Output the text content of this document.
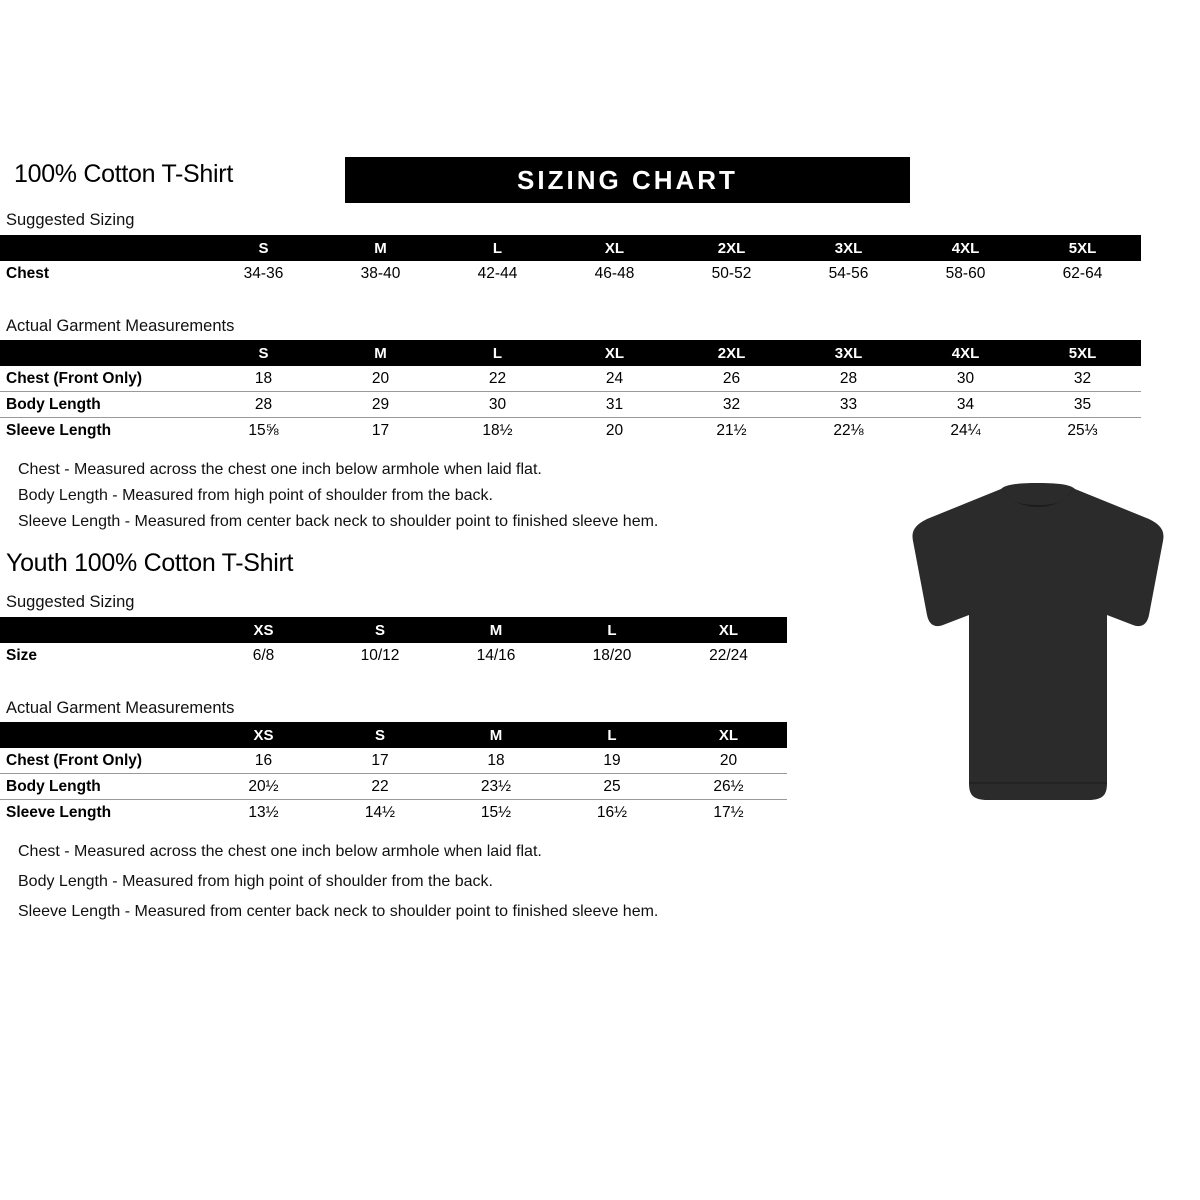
100% Cotton T-Shirt	SIZING CHART
Suggested Sizing
	S	M	L	XL	2XL	3XL	4XL	5XL
Chest	34-36	38-40	42-44	46-48	50-52	54-56	58-60	62-64
Actual Garment Measurements
	S	M	L	XL	2XL	3XL	4XL	5XL
Chest (Front Only)	18	20	22	24	26	28	30	32
Body Length	28	29	30	31	32	33	34	35
Sleeve Length	15⅝	17	18½	20	21½	22⅛	24¼	25⅓
Chest - Measured across the chest one inch below armhole when laid flat.
Body Length - Measured from high point of shoulder from the back.
Sleeve Length - Measured from center back neck to shoulder point to finished sleeve hem.
Youth 100% Cotton T-Shirt
Suggested Sizing
	XS	S	M	L	XL
Size	6/8	10/12	14/16	18/20	22/24
Actual Garment Measurements
	XS	S	M	L	XL
Chest (Front Only)	16	17	18	19	20
Body Length	20½	22	23½	25	26½
Sleeve Length	13½	14½	15½	16½	17½
Chest - Measured across the chest one inch below armhole when laid flat.
Body Length - Measured from high point of shoulder from the back.
Sleeve Length - Measured from center back neck to shoulder point to finished sleeve hem.
